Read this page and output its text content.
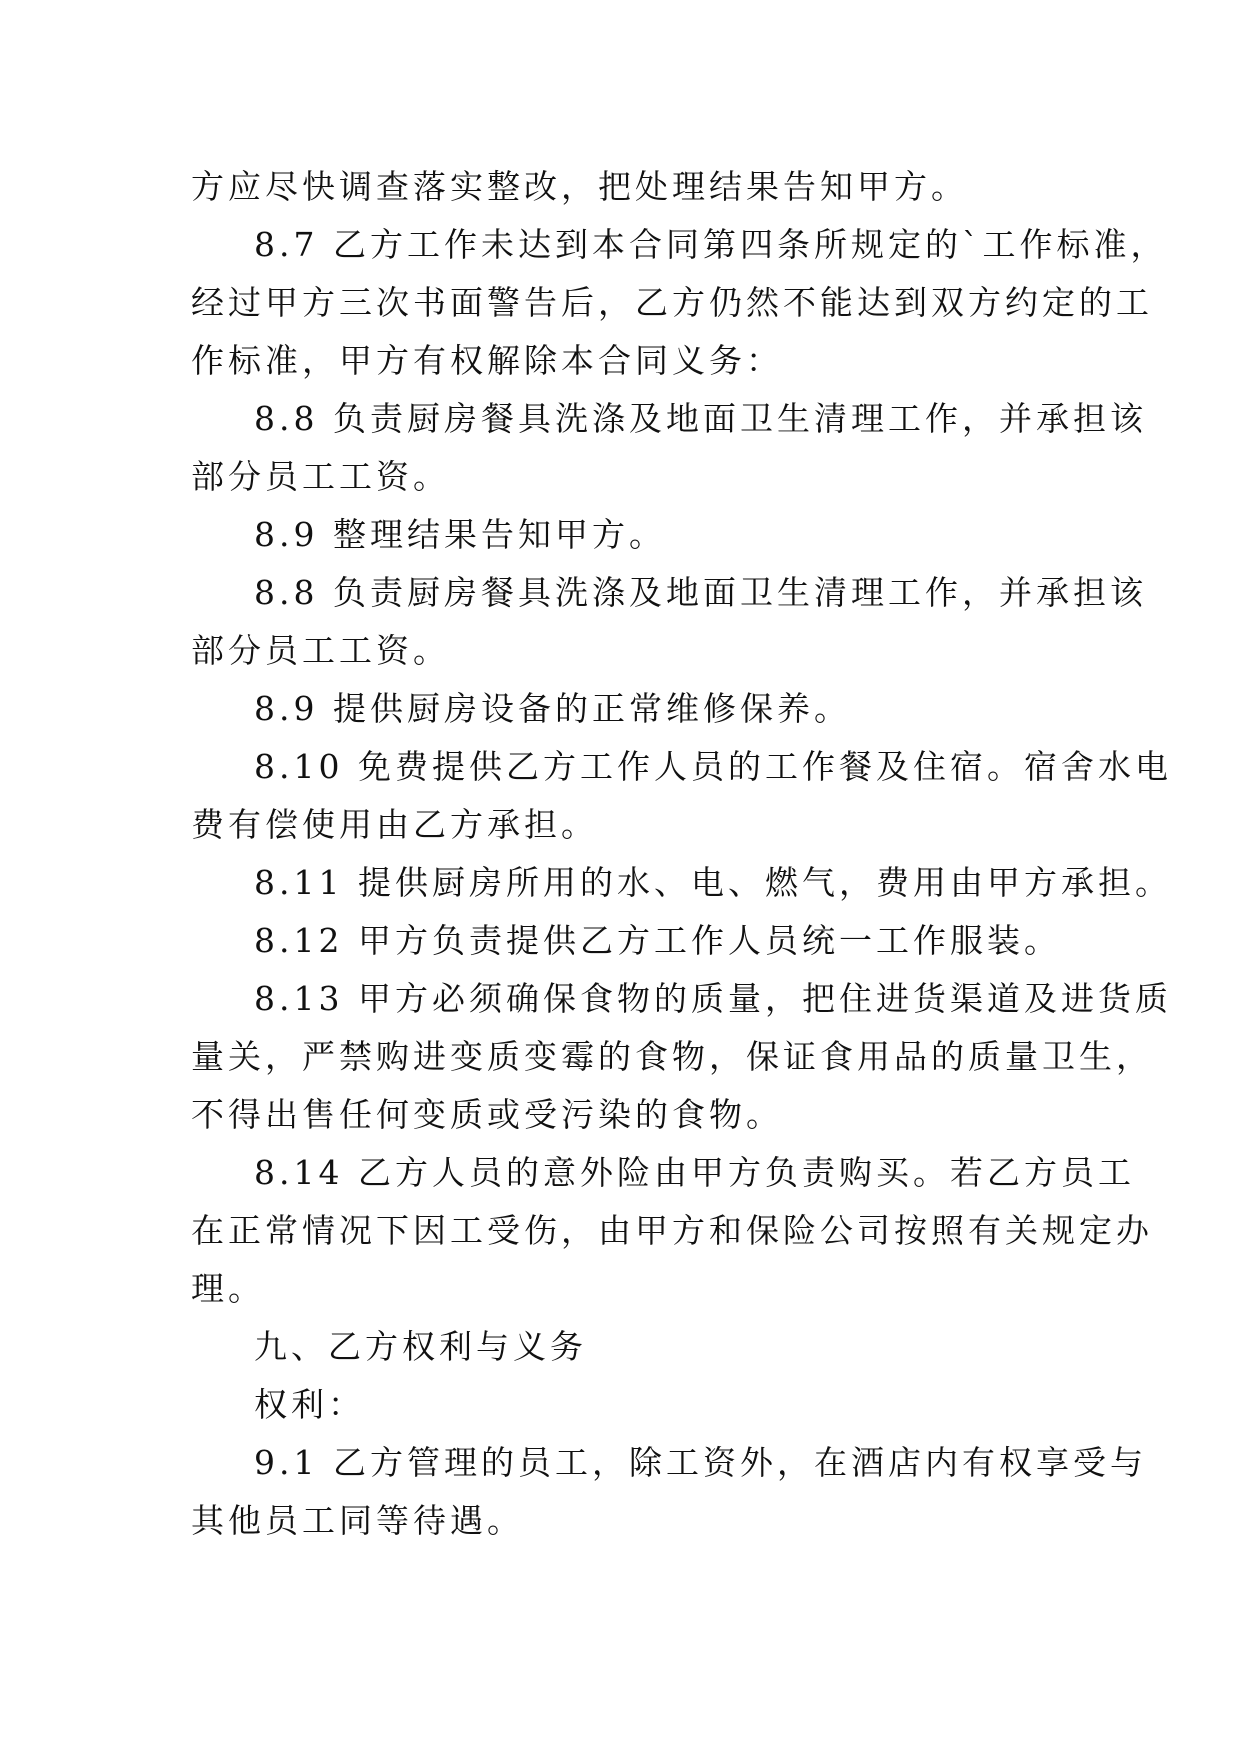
方应尽快调查落实整改，把处理结果告知甲方。
8.7 乙方工作未达到本合同第四条所规定的`工作标准，
经过甲方三次书面警告后，乙方仍然不能达到双方约定的工
作标准，甲方有权解除本合同义务：
8.8 负责厨房餐具洗涤及地面卫生清理工作，并承担该
部分员工工资。
8.9 整理结果告知甲方。
8.8 负责厨房餐具洗涤及地面卫生清理工作，并承担该
部分员工工资。
8.9 提供厨房设备的正常维修保养。
8.10 免费提供乙方工作人员的工作餐及住宿。宿舍水电
费有偿使用由乙方承担。
8.11 提供厨房所用的水、电、燃气，费用由甲方承担。
8.12 甲方负责提供乙方工作人员统一工作服装。
8.13 甲方必须确保食物的质量，把住进货渠道及进货质
量关，严禁购进变质变霉的食物，保证食用品的质量卫生，
不得出售任何变质或受污染的食物。
8.14 乙方人员的意外险由甲方负责购买。若乙方员工
在正常情况下因工受伤，由甲方和保险公司按照有关规定办
理。
九、乙方权利与义务
权利：
9.1 乙方管理的员工，除工资外，在酒店内有权享受与
其他员工同等待遇。
